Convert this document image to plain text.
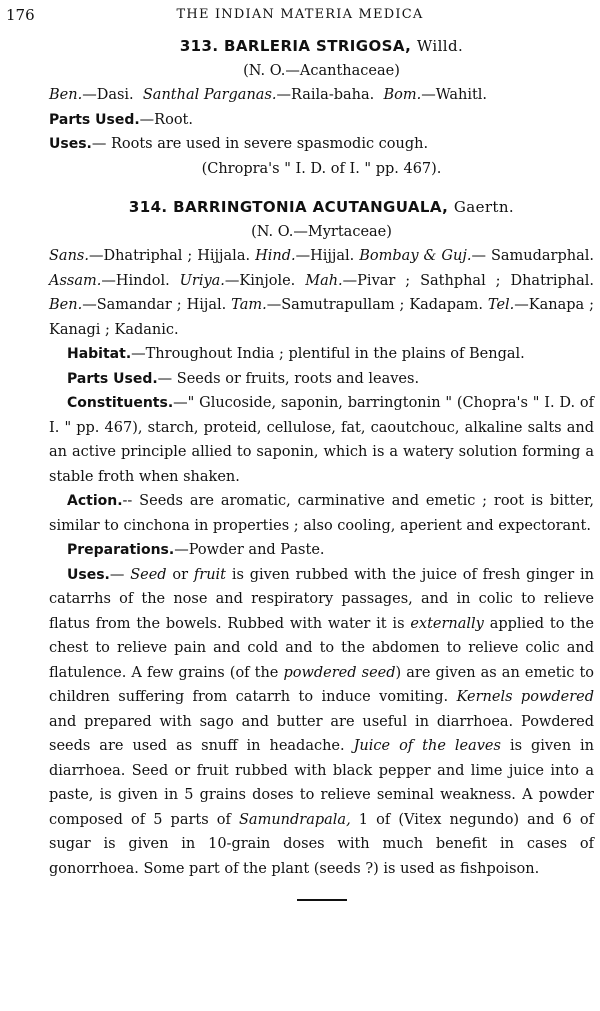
176	THE INDIAN MATERIA MEDICA

313. BARLERIA STRIGOSA, Willd.

(N. O.—Acanthaceae)

Ben.—Dasi. Santhal Parganas.—Raila-baha. Bom.—Wahitl.

Parts Used.—Root.

Uses.— Roots are used in severe spasmodic cough.

(Chropra's " I. D. of I. " pp. 467).

314. BARRINGTONIA ACUTANGUALA, Gaertn.

(N. O.—Myrtaceae)

Sans.—Dhatriphal ; Hijjala. Hind.—Hijjal. Bombay & Guj.— Samudarphal. Assam.—Hindol. Uriya.—Kinjole. Mah.—Pivar ; Sathphal ; Dhatriphal. Ben.—Samandar ; Hijal. Tam.—Samutrapullam ; Kadapam. Tel.—Kanapa ; Kanagi ; Kadanic.

Habitat.—Throughout India ; plentiful in the plains of Bengal.

Parts Used.— Seeds or fruits, roots and leaves.

Constituents.—" Glucoside, saponin, barringtonin " (Chopra's " I. D. of I. " pp. 467), starch, proteid, cellulose, fat, caoutchouc, alkaline salts and an active principle allied to saponin, which is a watery solution forming a stable froth when shaken.

Action.-- Seeds are aromatic, carminative and emetic ; root is bitter, similar to cinchona in properties ; also cooling, aperient and expectorant.

Preparations.—Powder and Paste.

Uses.— Seed or fruit is given rubbed with the juice of fresh ginger in catarrhs of the nose and respiratory passages, and in colic to relieve flatus from the bowels. Rubbed with water it is externally applied to the chest to relieve pain and cold and to the abdomen to relieve colic and flatulence. A few grains (of the powdered seed) are given as an emetic to children suffering from catarrh to induce vomiting. Kernels powdered and prepared with sago and butter are useful in diarrhoea. Powdered seeds are used as snuff in headache. Juice of the leaves is given in diarrhoea. Seed or fruit rubbed with black pepper and lime juice into a paste, is given in 5 grains doses to relieve seminal weakness. A powder composed of 5 parts of Samundrapala, 1 of (Vitex negundo) and 6 of sugar is given in 10-grain doses with much benefit in cases of gonorrhoea. Some part of the plant (seeds ?) is used as fishpoison.
